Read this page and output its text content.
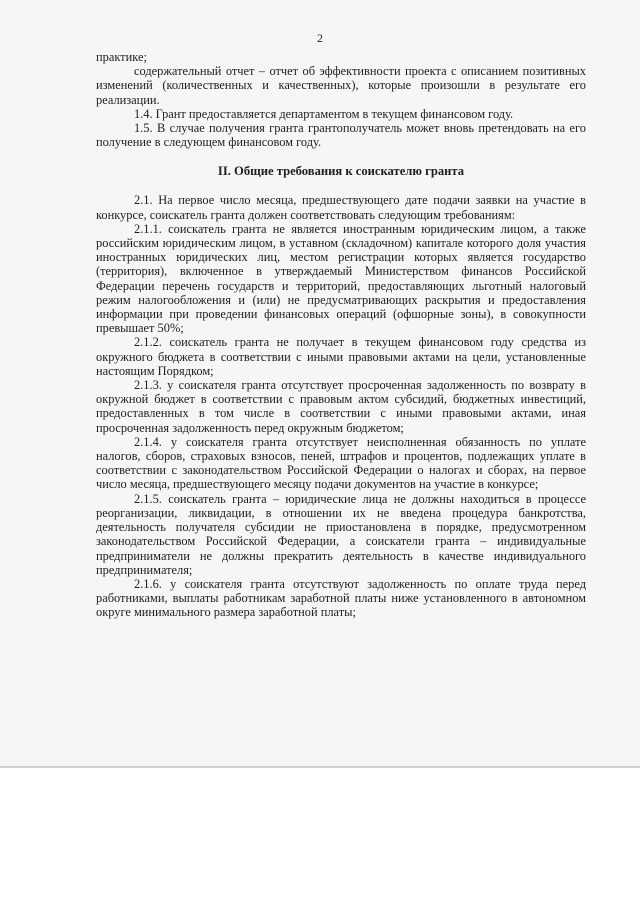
2

практике;

содержательный отчет – отчет об эффективности проекта с описанием позитивных изменений (количественных и качественных), которые произошли в результате его реализации.

1.4. Грант предоставляется департаментом в текущем финансовом году.

1.5. В случае получения гранта грантополучатель может вновь претендовать на его получение в следующем финансовом году.

II. Общие требования к соискателю гранта

2.1. На первое число месяца, предшествующего дате подачи заявки на участие в конкурсе, соискатель гранта должен соответствовать следующим требованиям:

2.1.1. соискатель гранта не является иностранным юридическим лицом, а также российским юридическим лицом, в уставном (складочном) капитале которого доля участия иностранных юридических лиц, местом регистрации которых является государство (территория), включенное в утверждаемый Министерством финансов Российской Федерации перечень государств и территорий, предоставляющих льготный налоговый режим налогообложения и (или) не предусматривающих раскрытия и предоставления информации при проведении финансовых операций (офшорные зоны), в совокупности превышает 50%;

2.1.2. соискатель гранта не получает в текущем финансовом году средства из окружного бюджета в соответствии с иными правовыми актами на цели, установленные настоящим Порядком;

2.1.3. у соискателя гранта отсутствует просроченная задолженность по возврату в окружной бюджет в соответствии с правовым актом субсидий, бюджетных инвестиций, предоставленных в том числе в соответствии с иными правовыми актами, иная просроченная задолженность перед окружным бюджетом;

2.1.4. у соискателя гранта отсутствует неисполненная обязанность по уплате налогов, сборов, страховых взносов, пеней, штрафов и процентов, подлежащих уплате в соответствии с законодательством Российской Федерации о налогах и сборах, на первое число месяца, предшествующего месяцу подачи документов на участие в конкурсе;

2.1.5. соискатель гранта – юридические лица не должны находиться в процессе реорганизации, ликвидации, в отношении их не введена процедура банкротства, деятельность получателя субсидии не приостановлена в порядке, предусмотренном законодательством Российской Федерации, а соискатели гранта – индивидуальные предприниматели не должны прекратить деятельность в качестве индивидуального предпринимателя;

2.1.6. у соискателя гранта отсутствуют задолженность по оплате труда перед работниками, выплаты работникам заработной платы ниже установленного в автономном округе минимального размера заработной платы;
